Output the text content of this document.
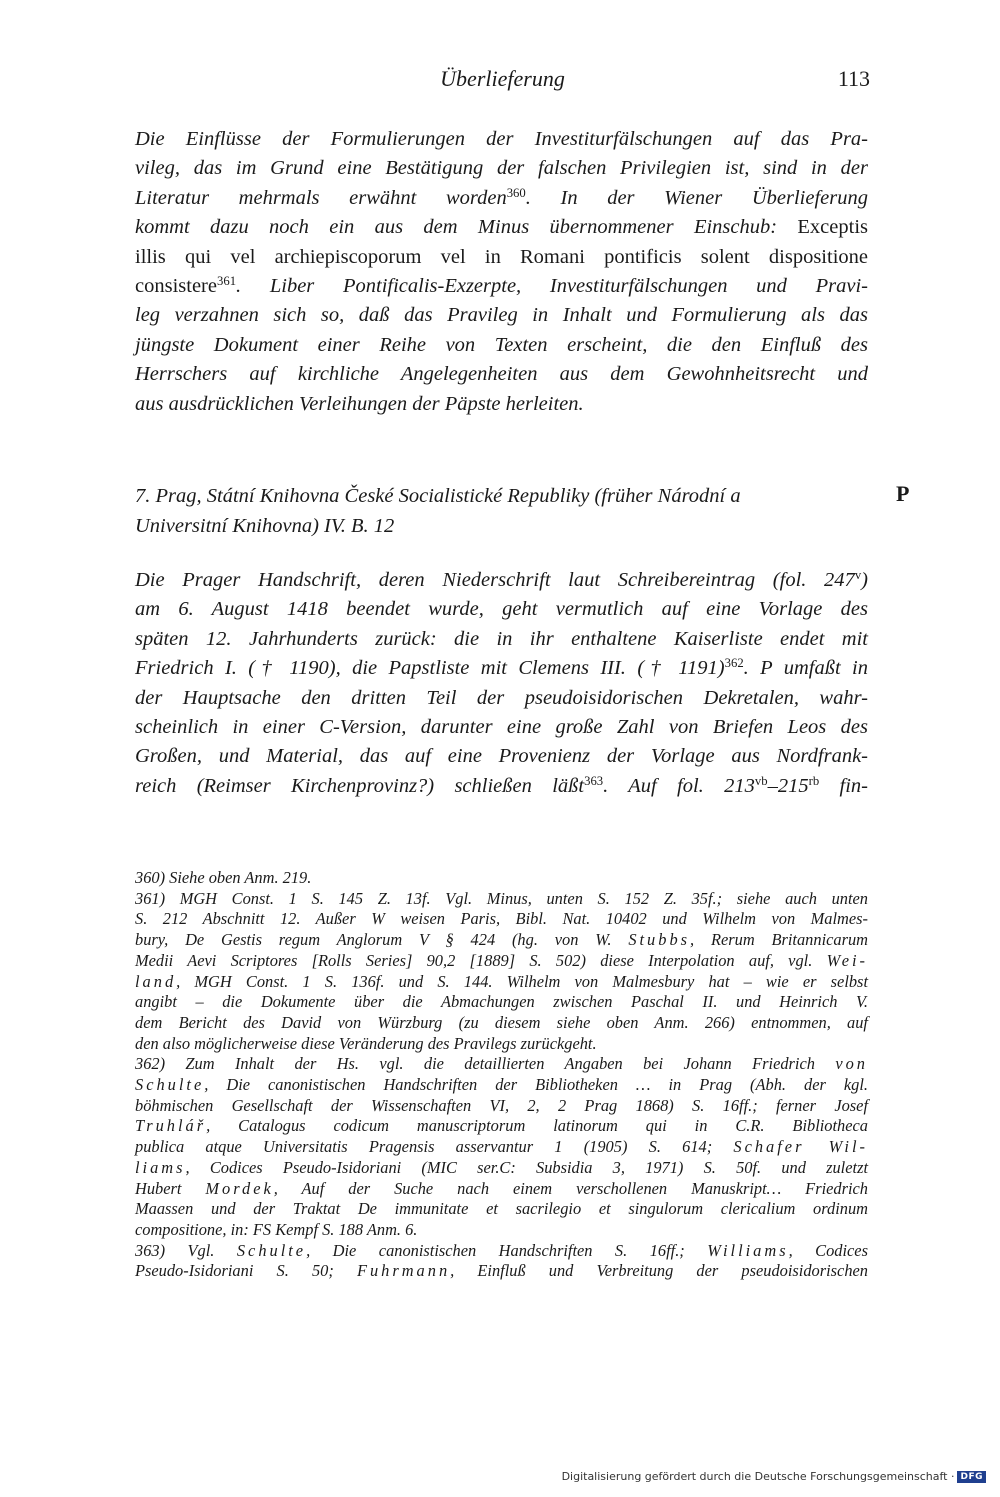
Überlieferung	113
Die Einflüsse der Formulierungen der Investiturfälschungen auf das Pra-
vileg, das im Grund eine Bestätigung der falschen Privilegien ist, sind in der
Literatur mehrmals erwähnt worden$^{360}$. In der Wiener Überlieferung
kommt dazu noch ein aus dem Minus übernommener Einschub: Exceptis
illis qui vel archiepiscoporum vel in Romani pontificis solent dispositione
consistere$^{361}$. Liber Pontificalis-Exzerpte, Investiturfälschungen und Pravi-
leg verzahnen sich so, daß das Pravileg in Inhalt und Formulierung als das
jüngste Dokument einer Reihe von Texten erscheint, die den Einfluß des
Herrschers auf kirchliche Angelegenheiten aus dem Gewohnheitsrecht und
aus ausdrücklichen Verleihungen der Päpste herleiten.
7. Prag, Státní Knihovna České Socialistické Republiky (früher Národní a
Universitní Knihovna) IV. B. 12
P
Die Prager Handschrift, deren Niederschrift laut Schreibereintrag (fol. 247$^v$)
am 6. August 1418 beendet wurde, geht vermutlich auf eine Vorlage des
späten 12. Jahrhunderts zurück: die in ihr enthaltene Kaiserliste endet mit
Friedrich I. († 1190), die Papstliste mit Clemens III. († 1191)$^{362}$. P umfaßt in
der Hauptsache den dritten Teil der pseudoisidorischen Dekretalen, wahr-
scheinlich in einer C-Version, darunter eine große Zahl von Briefen Leos des
Großen, und Material, das auf eine Provenienz der Vorlage aus Nordfrank-
reich (Reimser Kirchenprovinz?) schließen läßt$^{363}$. Auf fol. $213^{vb}-215^{rb}$ fin-
360) Siehe oben Anm. 219.
361) MGH Const. 1 S. 145 Z. 13f. Vgl. Minus, unten S. 152 Z. 35f.; siehe auch unten
S. 212 Abschnitt 12. Außer W weisen Paris, Bibl. Nat. 10402 und Wilhelm von Malmes-
bury, De Gestis regum Anglorum V § 424 (hg. von W. Stubbs, Rerum Britannicarum
Medii Aevi Scriptores [Rolls Series] 90,2 [1889] S. 502) diese Interpolation auf, vgl. Wei-
land, MGH Const. 1 S. 136f. und S. 144. Wilhelm von Malmesbury hat – wie er selbst
angibt – die Dokumente über die Abmachungen zwischen Paschal II. und Heinrich V.
dem Bericht des David von Würzburg (zu diesem siehe oben Anm. 266) entnommen, auf
den also möglicherweise diese Veränderung des Pravilegs zurückgeht.
362) Zum Inhalt der Hs. vgl. die detaillierten Angaben bei Johann Friedrich von
Schulte, Die canonistischen Handschriften der Bibliotheken … in Prag (Abh. der kgl.
böhmischen Gesellschaft der Wissenschaften VI, 2, 2 Prag 1868) S. 16ff.; ferner Josef
Truhlář, Catalogus codicum manuscriptorum latinorum qui in C.R. Bibliotheca
publica atque Universitatis Pragensis asservantur 1 (1905) S. 614; Schafer Wil-
liams, Codices Pseudo-Isidoriani (MIC ser.C: Subsidia 3, 1971) S. 50f. und zuletzt
Hubert Mordek, Auf der Suche nach einem verschollenen Manuskript… Friedrich
Maassen und der Traktat De immunitate et sacrilegio et singulorum clericalium ordinum
compositione, in: FS Kempf S. 188 Anm. 6.
363) Vgl. Schulte, Die canonistischen Handschriften S. 16ff.; Williams, Codices
Pseudo-Isidoriani S. 50; Fuhrmann, Einfluß und Verbreitung der pseudoisidorischen
Digitalisierung gefördert durch die Deutsche Forschungsgemeinschaft · DFG
